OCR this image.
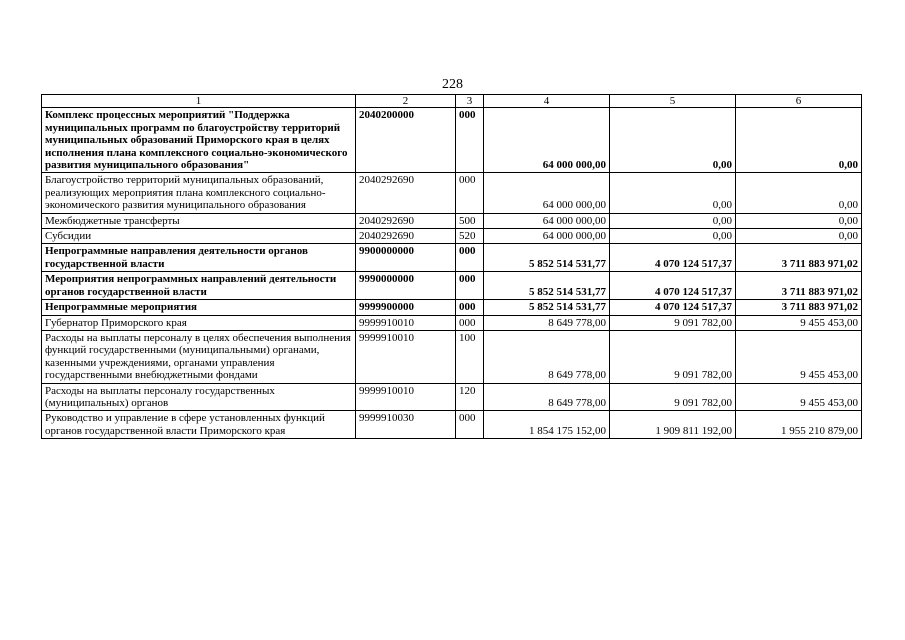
228
1	2	3	4	5	6
Комплекс процессных мероприятий "Поддержка муниципальных программ по благоустройству территорий муниципальных образований Приморского края в целях исполнения плана комплексного социально-экономического развития муниципального образования"	2040200000	000	64 000 000,00	0,00	0,00
Благоустройство территорий муниципальных образований, реализующих мероприятия плана комплексного социально-экономического развития муниципального образования	2040292690	000	64 000 000,00	0,00	0,00
Межбюджетные трансферты	2040292690	500	64 000 000,00	0,00	0,00
Субсидии	2040292690	520	64 000 000,00	0,00	0,00
Непрограммные направления деятельности органов государственной власти	9900000000	000	5 852 514 531,77	4 070 124 517,37	3 711 883 971,02
Мероприятия непрограммных направлений деятельности органов государственной власти	9990000000	000	5 852 514 531,77	4 070 124 517,37	3 711 883 971,02
Непрограммные мероприятия	9999900000	000	5 852 514 531,77	4 070 124 517,37	3 711 883 971,02
Губернатор Приморского края	9999910010	000	8 649 778,00	9 091 782,00	9 455 453,00
Расходы на выплаты персоналу в целях обеспечения выполнения функций государственными (муниципальными) органами, казенными учреждениями, органами управления государственными внебюджетными фондами	9999910010	100	8 649 778,00	9 091 782,00	9 455 453,00
Расходы на выплаты персоналу государственных (муниципальных) органов	9999910010	120	8 649 778,00	9 091 782,00	9 455 453,00
Руководство и управление в сфере установленных функций органов государственной власти Приморского края	9999910030	000	1 854 175 152,00	1 909 811 192,00	1 955 210 879,00
